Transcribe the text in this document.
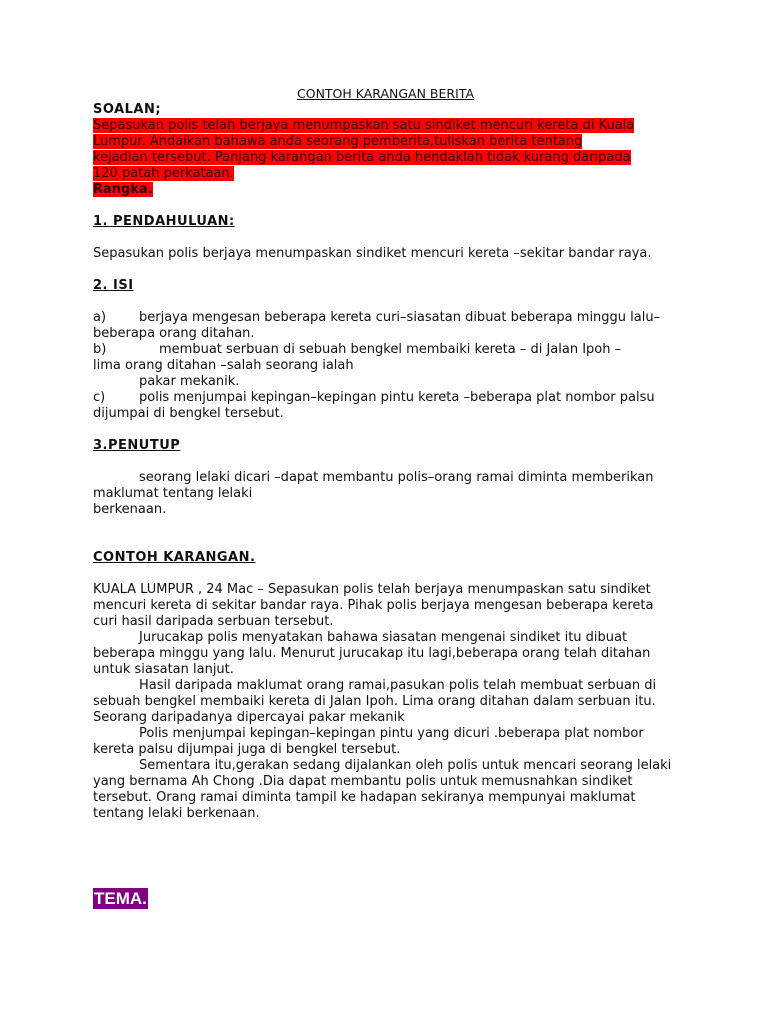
CONTOH KARANGAN BERITA

SOALAN;
Sepasukan polis telah berjaya menumpaskan satu sindiket mencuri kereta di Kuala Lumpur. Andaikan bahawa anda seorang pemberita,tuliskan berita tentang kejadian tersebut. Panjang karangan berita anda hendaklah tidak kurang daripada 120 patah perkataan.
Rangka.
1. PENDAHULUAN:
Sepasukan polis berjaya menumpaskan sindiket mencuri kereta –sekitar bandar raya.
2. ISI
a)	berjaya mengesan beberapa kereta curi–siasatan dibuat beberapa minggu lalu–
beberapa orang ditahan.
b)	membuat serbuan di sebuah bengkel membaiki kereta – di Jalan Ipoh –
lima orang ditahan –salah seorang ialah
pakar mekanik.
c)	polis menjumpai kepingan–kepingan pintu kereta –beberapa plat nombor palsu
dijumpai di bengkel tersebut.
3.PENUTUP
seorang lelaki dicari –dapat membantu polis–orang ramai diminta memberikan
maklumat tentang lelaki
berkenaan.
CONTOH KARANGAN.

KUALA LUMPUR , 24 Mac – Sepasukan polis telah berjaya menumpaskan satu sindiket mencuri kereta di sekitar bandar raya. Pihak polis berjaya mengesan beberapa kereta curi hasil daripada serbuan tersebut.

Jurucakap polis menyatakan bahawa siasatan mengenai sindiket itu dibuat beberapa minggu yang lalu. Menurut jurucakap itu lagi,beberapa orang telah ditahan untuk siasatan lanjut.

Hasil daripada maklumat orang ramai,pasukan polis telah membuat serbuan di sebuah bengkel membaiki kereta di Jalan Ipoh. Lima orang ditahan dalam serbuan itu. Seorang daripadanya dipercayai pakar mekanik

Polis menjumpai kepingan–kepingan pintu yang dicuri .beberapa plat nombor kereta palsu dijumpai juga di bengkel tersebut.

Sementara itu,gerakan sedang dijalankan oleh polis untuk mencari seorang lelaki yang bernama Ah Chong .Dia dapat membantu polis untuk memusnahkan sindiket tersebut. Orang ramai diminta tampil ke hadapan sekiranya mempunyai maklumat tentang lelaki berkenaan.

TEMA.
